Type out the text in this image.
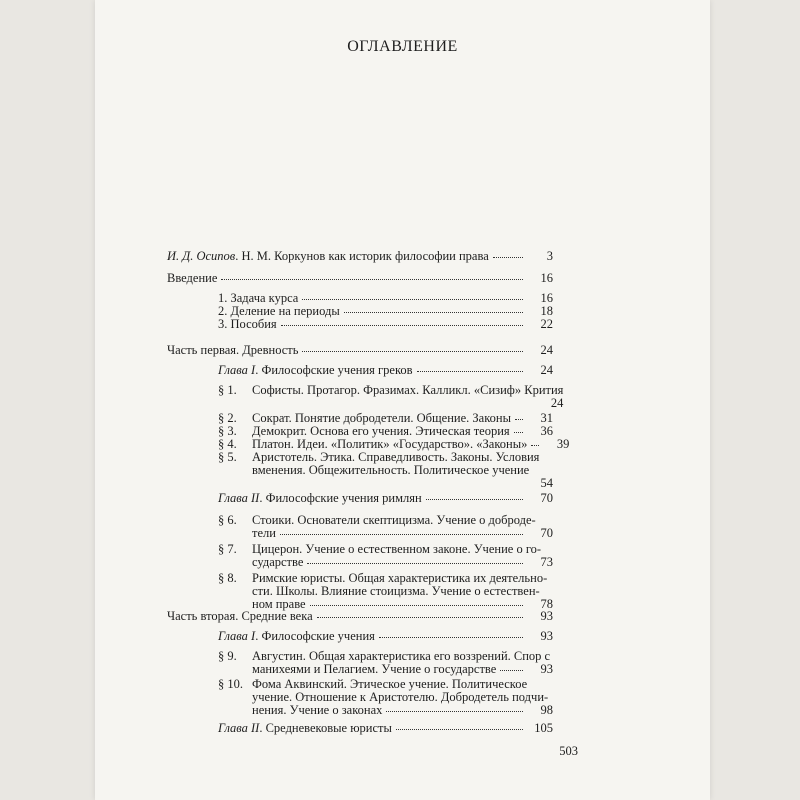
ОГЛАВЛЕНИЕ
И. Д. Осипов. Н. М. Коркунов как историк философии права	3
Введение	16
1. Задача курса	16
2. Деление на периоды	18
3. Пособия	22
Часть первая. Древность	24
Глава I. Философские учения греков	24
§ 1.	Софисты. Протагор. Фразимах. Калликл. «Сизиф» Крития
24
§ 2.	Сократ. Понятие добродетели. Общение. Законы	31
§ 3.	Демокрит. Основа его учения. Этическая теория	36
§ 4.	Платон. Идеи. «Политик» «Государство». «Законы»	39
§ 5.	Аристотель. Этика. Справедливость. Законы. Условия
вменения. Общежительность. Политическое учение
54
Глава II. Философские учения римлян	70
§ 6.	Стоики. Основатели скептицизма. Учение о доброде-
тели	70
§ 7.	Цицерон. Учение о естественном законе. Учение о го-
сударстве	73
§ 8.	Римские юристы. Общая характеристика их деятельно-
сти. Школы. Влияние стоицизма. Учение о естествен-
ном праве	78
Часть вторая. Средние века	93
Глава I. Философские учения	93
§ 9.	Августин. Общая характеристика его воззрений. Спор с
манихеями и Пелагием. Учение о государстве	93
§ 10. Фома Аквинский. Этическое учение. Политическое
учение. Отношение к Аристотелю. Добродетель подчи-
нения. Учение о законах	98
Глава II. Средневековые юристы	105
503
